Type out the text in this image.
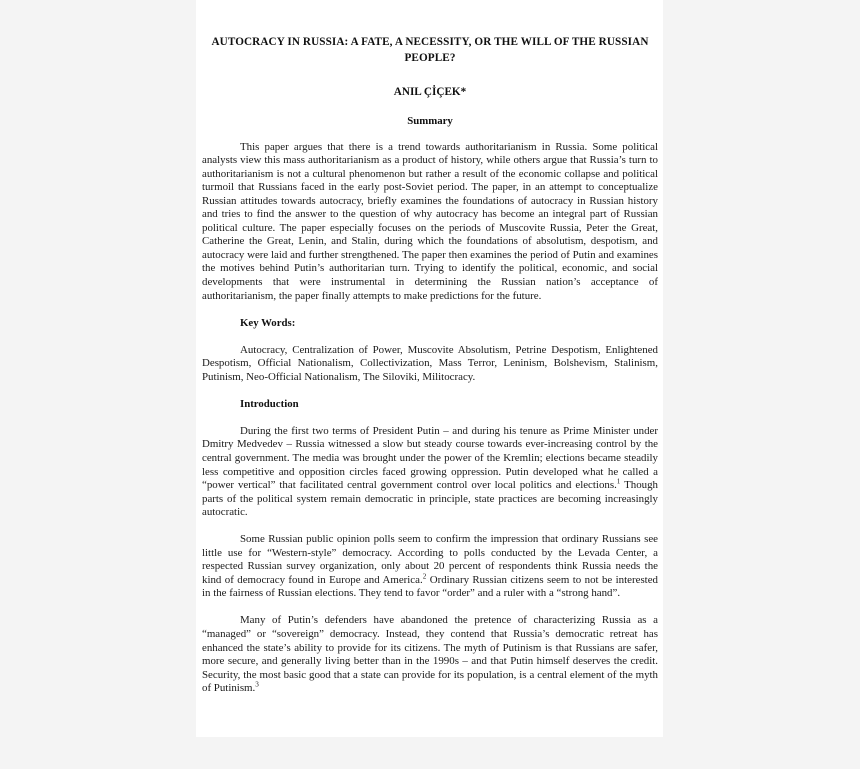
AUTOCRACY IN RUSSIA: A FATE, A NECESSITY, OR THE WILL OF THE RUSSIAN PEOPLE?
ANIL ÇİÇEK*
Summary

This paper argues that there is a trend towards authoritarianism in Russia. Some political analysts view this mass authoritarianism as a product of history, while others argue that Russia’s turn to authoritarianism is not a cultural phenomenon but rather a result of the economic collapse and political turmoil that Russians faced in the early post-Soviet period. The paper, in an attempt to conceptualize Russian attitudes towards autocracy, briefly examines the foundations of autocracy in Russian history and tries to find the answer to the question of why autocracy has become an integral part of Russian political culture. The paper especially focuses on the periods of Muscovite Russia, Peter the Great, Catherine the Great, Lenin, and Stalin, during which the foundations of absolutism, despotism, and autocracy were laid and further strengthened. The paper then examines the period of Putin and examines the motives behind Putin’s authoritarian turn. Trying to identify the political, economic, and social developments that were instrumental in determining the Russian nation’s acceptance of authoritarianism, the paper finally attempts to make predictions for the future.

Key Words:

Autocracy, Centralization of Power, Muscovite Absolutism, Petrine Despotism, Enlightened Despotism, Official Nationalism, Collectivization, Mass Terror, Leninism, Bolshevism, Stalinism, Putinism, Neo-Official Nationalism, The Siloviki, Militocracy.

Introduction

During the first two terms of President Putin – and during his tenure as Prime Minister under Dmitry Medvedev – Russia witnessed a slow but steady course towards ever-increasing control by the central government. The media was brought under the power of the Kremlin; elections became steadily less competitive and opposition circles faced growing oppression. Putin developed what he called a “power vertical” that facilitated central government control over local politics and elections.$^1$ Though parts of the political system remain democratic in principle, state practices are becoming increasingly autocratic.

Some Russian public opinion polls seem to confirm the impression that ordinary Russians see little use for “Western-style” democracy. According to polls conducted by the Levada Center, a respected Russian survey organization, only about 20 percent of respondents think Russia needs the kind of democracy found in Europe and America.$^2$ Ordinary Russian citizens seem to not be interested in the fairness of Russian elections. They tend to favor “order” and a ruler with a “strong hand”.

Many of Putin’s defenders have abandoned the pretence of characterizing Russia as a “managed” or “sovereign” democracy. Instead, they contend that Russia’s democratic retreat has enhanced the state’s ability to provide for its citizens. The myth of Putinism is that Russians are safer, more secure, and generally living better than in the 1990s – and that Putin himself deserves the credit. Security, the most basic good that a state can provide for its population, is a central element of the myth of Putinism.$^3$
